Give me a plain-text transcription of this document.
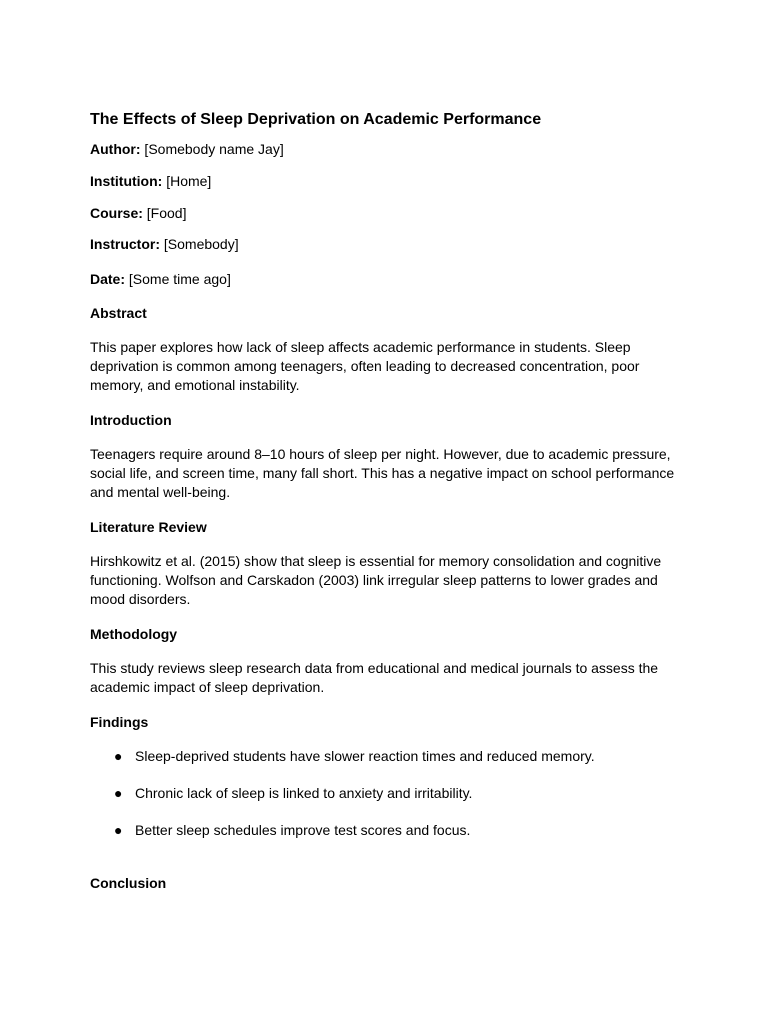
The Effects of Sleep Deprivation on Academic Performance

Author: [Somebody name Jay]

Institution: [Home]

Course: [Food]

Instructor: [Somebody]

Date: [Some time ago]

Abstract

This paper explores how lack of sleep affects academic performance in students. Sleep deprivation is common among teenagers, often leading to decreased concentration, poor memory, and emotional instability.

Introduction

Teenagers require around 8–10 hours of sleep per night. However, due to academic pressure, social life, and screen time, many fall short. This has a negative impact on school performance and mental well-being.

Literature Review

Hirshkowitz et al. (2015) show that sleep is essential for memory consolidation and cognitive functioning. Wolfson and Carskadon (2003) link irregular sleep patterns to lower grades and mood disorders.

Methodology

This study reviews sleep research data from educational and medical journals to assess the academic impact of sleep deprivation.

Findings

● Sleep-deprived students have slower reaction times and reduced memory.
● Chronic lack of sleep is linked to anxiety and irritability.
● Better sleep schedules improve test scores and focus.

Conclusion
